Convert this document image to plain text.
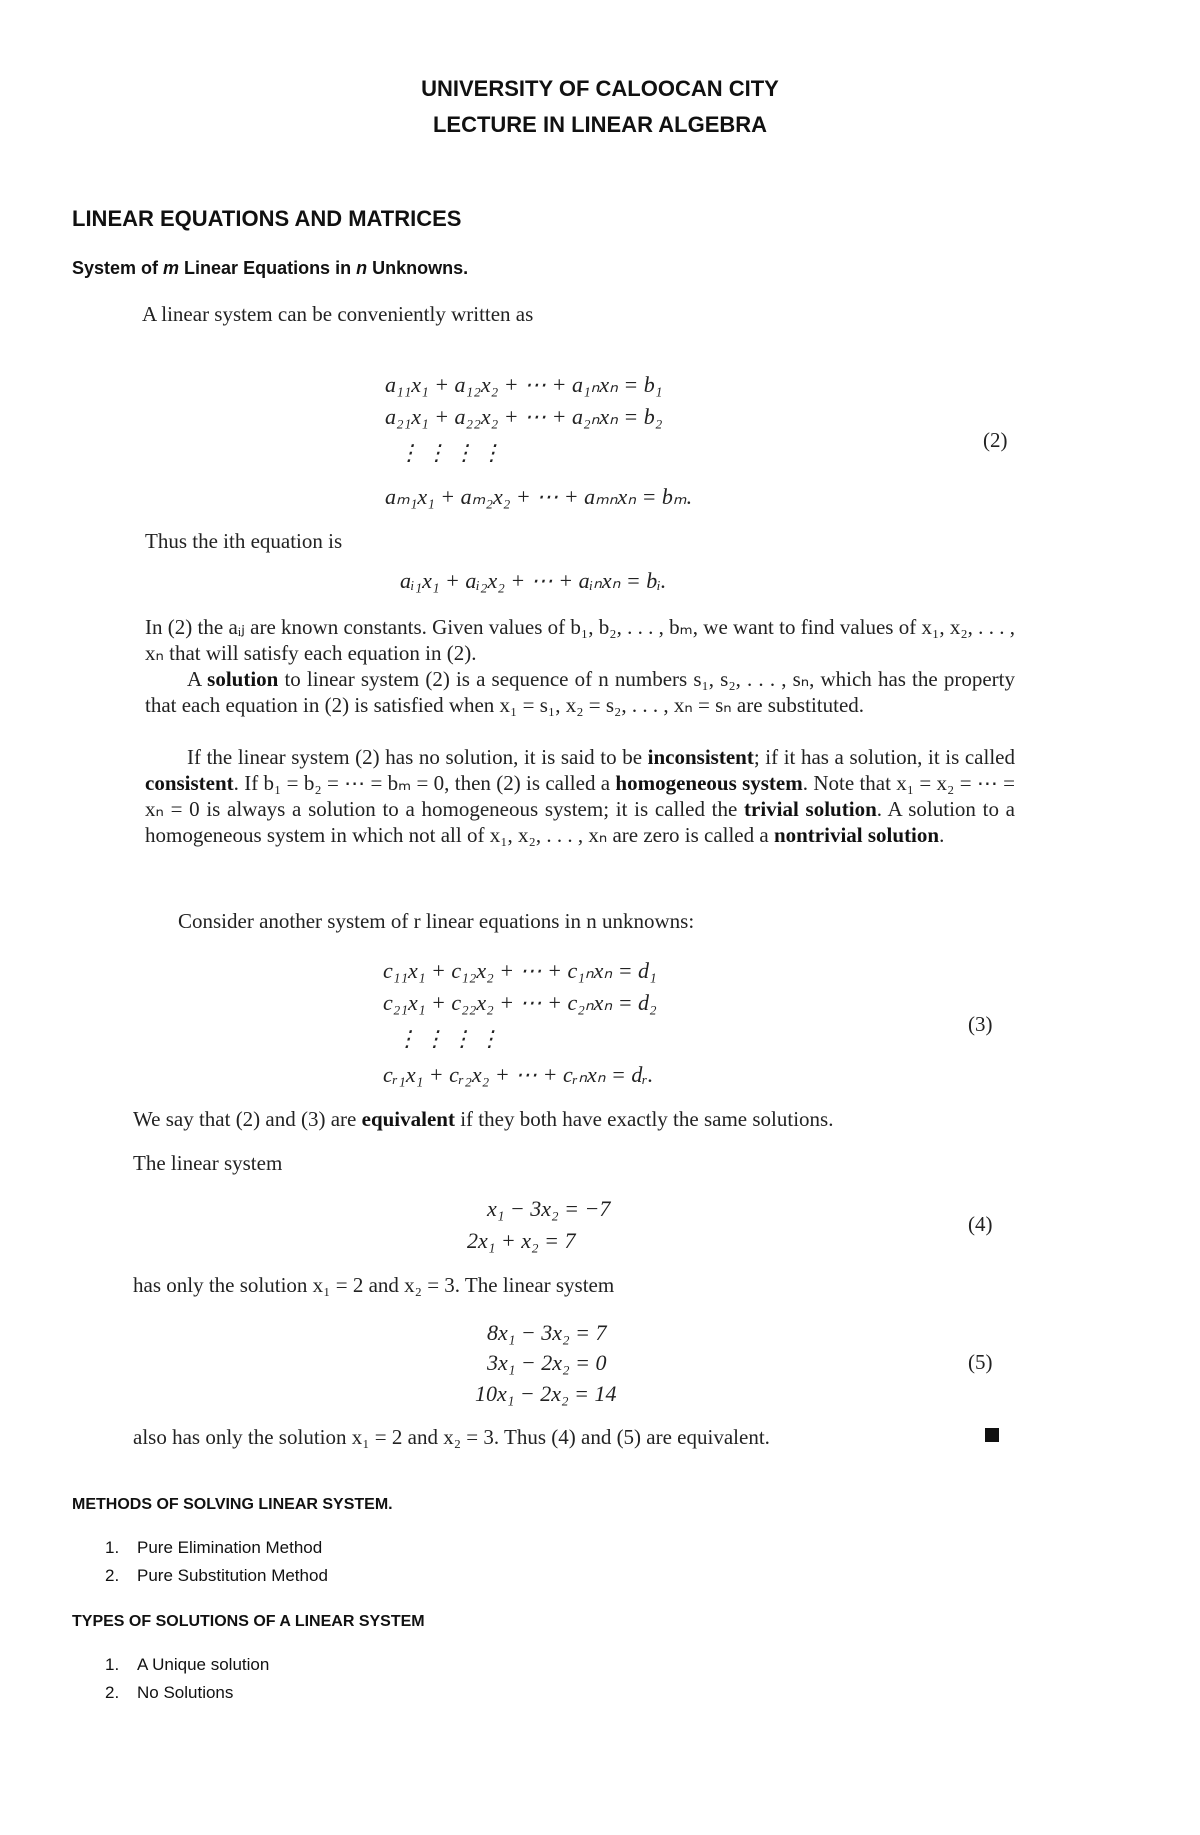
UNIVERSITY OF CALOOCAN CITY
LECTURE IN LINEAR ALGEBRA
LINEAR EQUATIONS AND MATRICES
System of m Linear Equations in n Unknowns.
A linear system can be conveniently written as
a₁₁x₁ + a₁₂x₂ + ⋯ + a₁ₙxₙ = b₁
a₂₁x₁ + a₂₂x₂ + ⋯ + a₂ₙxₙ = b₂
⋮ ⋮ ⋮ ⋮
aₘ₁x₁ + aₘ₂x₂ + ⋯ + aₘₙxₙ = bₘ.
(2)
Thus the ith equation is
aᵢ₁x₁ + aᵢ₂x₂ + ⋯ + aᵢₙxₙ = bᵢ.
In (2) the aᵢⱼ are known constants. Given values of b₁, b₂, . . . , bₘ, we want to find values of x₁, x₂, . . . , xₙ that will satisfy each equation in (2).
A solution to linear system (2) is a sequence of n numbers s₁, s₂, . . . , sₙ, which has the property that each equation in (2) is satisfied when x₁ = s₁, x₂ = s₂, . . . , xₙ = sₙ are substituted.
If the linear system (2) has no solution, it is said to be inconsistent; if it has a solution, it is called consistent. If b₁ = b₂ = ⋯ = bₘ = 0, then (2) is called a homogeneous system. Note that x₁ = x₂ = ⋯ = xₙ = 0 is always a solution to a homogeneous system; it is called the trivial solution. A solution to a homogeneous system in which not all of x₁, x₂, . . . , xₙ are zero is called a nontrivial solution.
Consider another system of r linear equations in n unknowns:
c₁₁x₁ + c₁₂x₂ + ⋯ + c₁ₙxₙ = d₁
c₂₁x₁ + c₂₂x₂ + ⋯ + c₂ₙxₙ = d₂
⋮ ⋮ ⋮ ⋮
cᵣ₁x₁ + cᵣ₂x₂ + ⋯ + cᵣₙxₙ = dᵣ.
(3)
We say that (2) and (3) are equivalent if they both have exactly the same solutions.
The linear system
x₁ − 3x₂ = −7
2x₁ + x₂ = 7
(4)
has only the solution x₁ = 2 and x₂ = 3. The linear system
8x₁ − 3x₂ = 7
3x₁ − 2x₂ = 0
10x₁ − 2x₂ = 14
(5)
also has only the solution x₁ = 2 and x₂ = 3. Thus (4) and (5) are equivalent.
METHODS OF SOLVING LINEAR SYSTEM.
1. Pure Elimination Method
2. Pure Substitution Method
TYPES OF SOLUTIONS OF A LINEAR SYSTEM
1. A Unique solution
2. No Solutions
